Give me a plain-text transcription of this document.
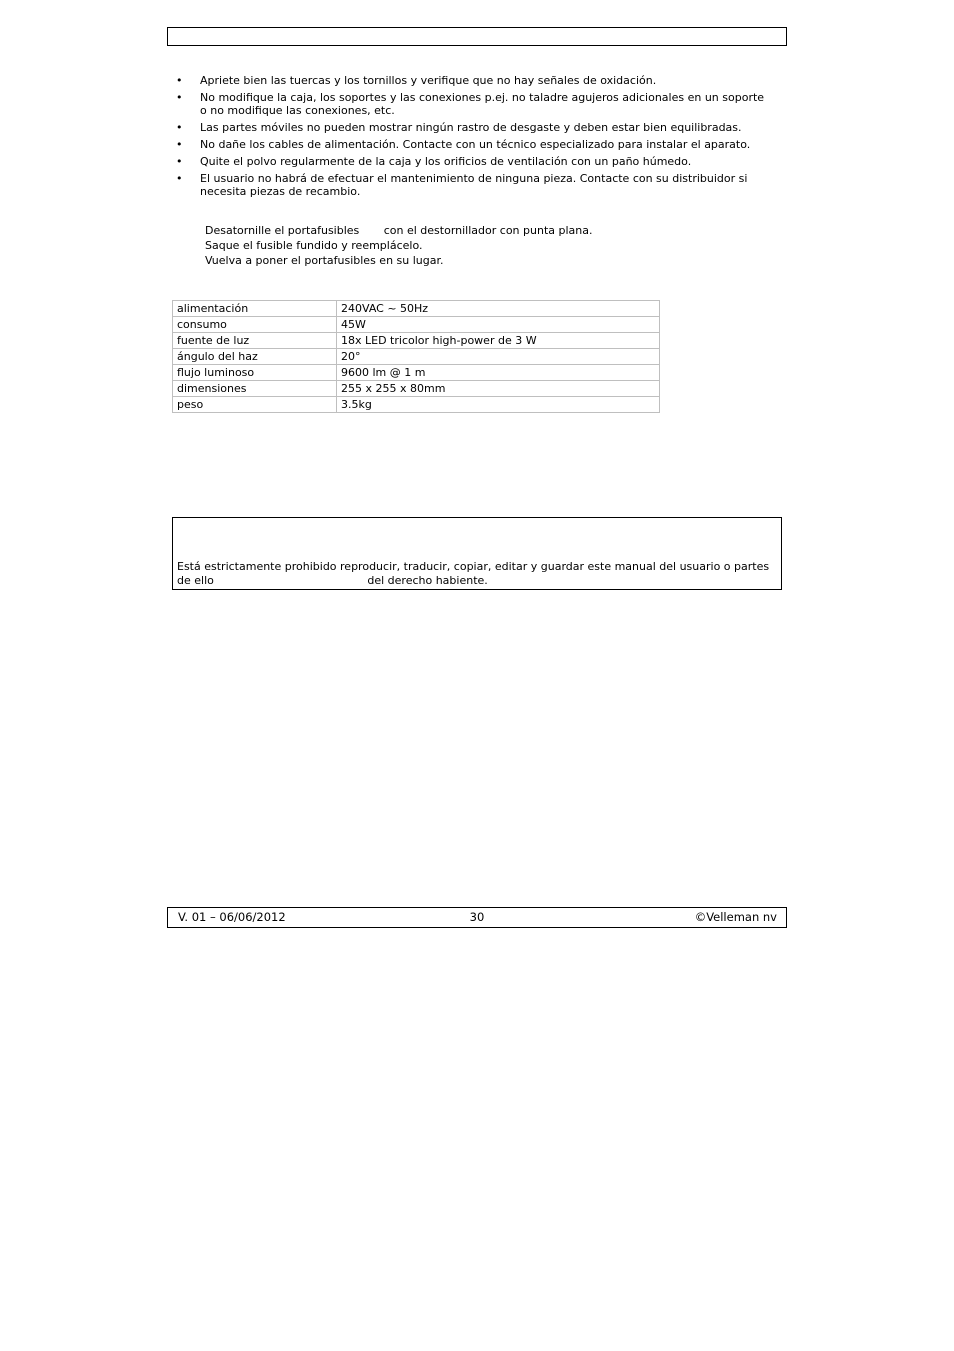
•	Apriete bien las tuercas y los tornillos y verifique que no hay señales de oxidación.
•	No modifique la caja, los soportes y las conexiones p.ej. no taladre agujeros adicionales en un soporte o no modifique las conexiones, etc.
•	Las partes móviles no pueden mostrar ningún rastro de desgaste y deben estar bien equilibradas.
•	No dañe los cables de alimentación. Contacte con un técnico especializado para instalar el aparato.
•	Quite el polvo regularmente de la caja y los orificios de ventilación con un paño húmedo.
•	El usuario no habrá de efectuar el mantenimiento de ninguna pieza. Contacte con su distribuidor si necesita piezas de recambio.
Desatornille el portafusibles       con el destornillador con punta plana.
Saque el fusible fundido y reemplácelo.
Vuelva a poner el portafusibles en su lugar.
alimentación	240VAC ~ 50Hz
consumo	45W
fuente de luz	18x LED tricolor high-power de 3 W
ángulo del haz	20°
flujo luminoso	9600 lm @ 1 m
dimensiones	255 x 255 x 80mm
peso	3.5kg

Está estrictamente prohibido reproducir, traducir, copiar, editar y guardar este manual del usuario o partes de ello	del derecho habiente.

V. 01 – 06/06/2012	30	©Velleman nv
